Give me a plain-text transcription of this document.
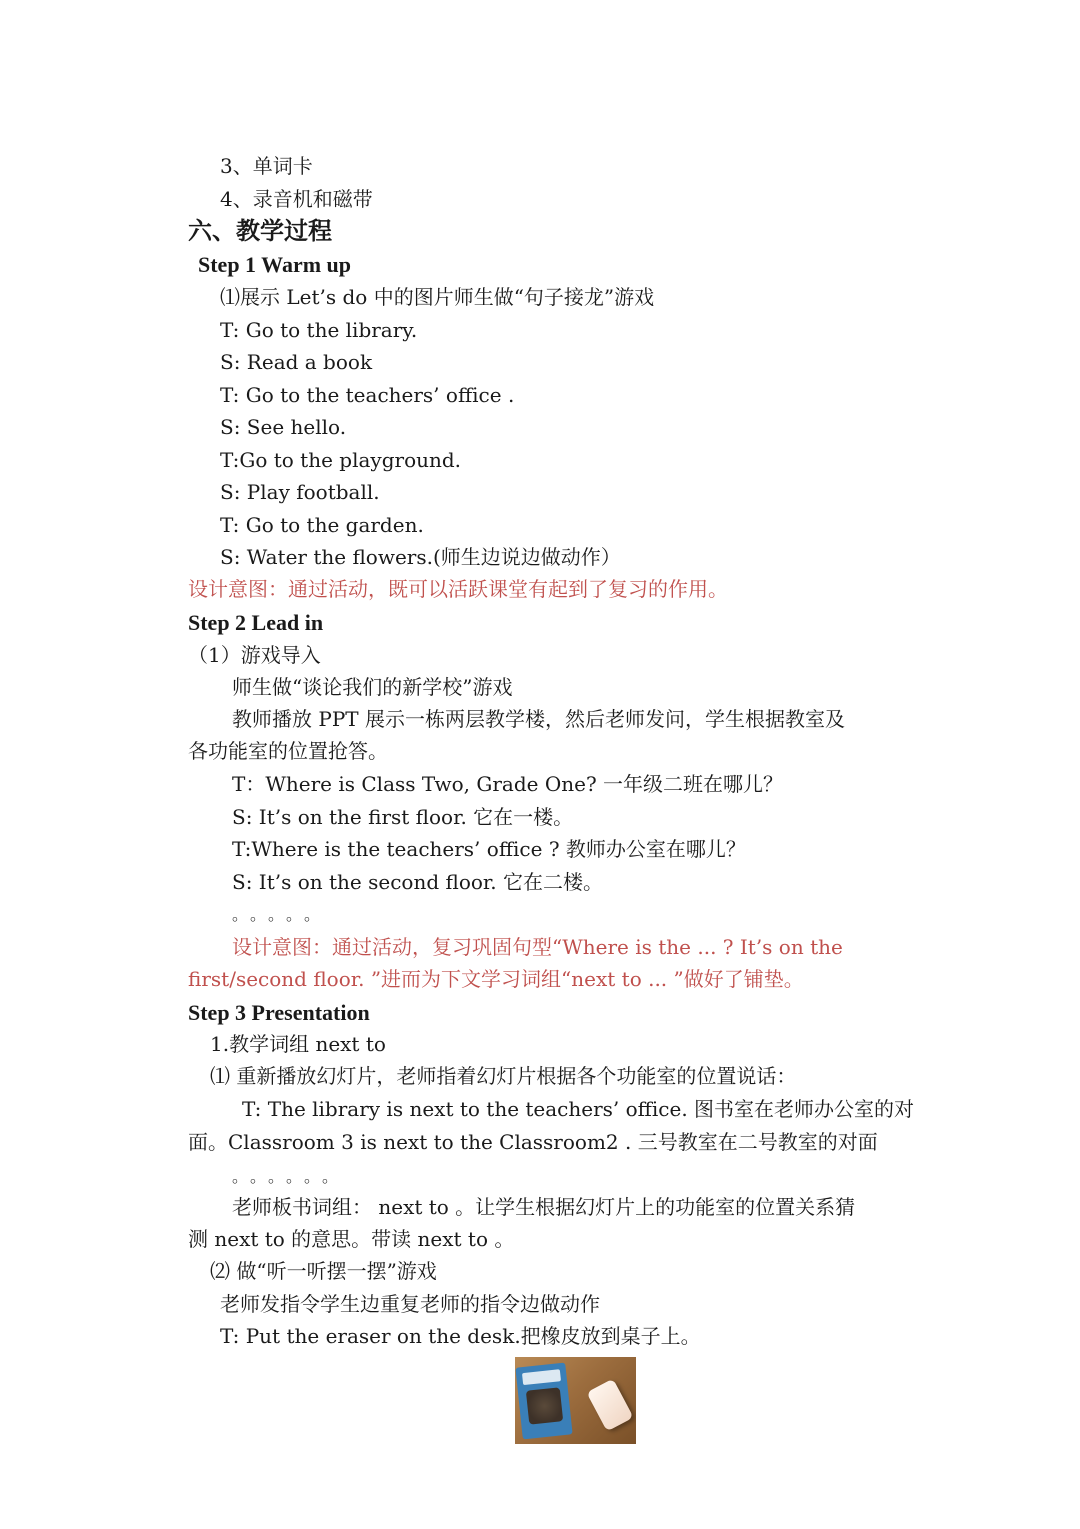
3、单词卡
4、录音机和磁带
六、教学过程
Step 1 Warm up
⑴展示 Let’s do 中的图片师生做“句子接龙”游戏
T: Go to the library.
S: Read a book
T: Go to the teachers’ office .
S: See hello.
T:Go to the playground.
S: Play football.
T: Go to the garden.
S: Water the flowers.(师生边说边做动作）
设计意图：通过活动，既可以活跃课堂有起到了复习的作用。
Step 2 Lead in
（1）游戏导入
师生做“谈论我们的新学校”游戏
教师播放 PPT 展示一栋两层教学楼，然后老师发问，学生根据教室及
各功能室的位置抢答。
T：Where is Class Two, Grade One? 一年级二班在哪儿？
S: It’s on the first floor. 它在一楼。
T:Where is the teachers’ office ? 教师办公室在哪儿？
S: It’s on the second floor. 它在二楼。
。。。。。
设计意图：通过活动，复习巩固句型“Where is the ... ? It’s on the
first/second floor. ”进而为下文学习词组“next to ... ”做好了铺垫。
Step 3 Presentation
1.教学词组 next to
⑴ 重新播放幻灯片，老师指着幻灯片根据各个功能室的位置说话：
T: The library is next to the teachers’ office. 图书室在老师办公室的对
面。Classroom 3 is next to the Classroom2 . 三号教室在二号教室的对面
。。。。。。
老师板书词组： next to 。让学生根据幻灯片上的功能室的位置关系猜
测 next to 的意思。带读 next to 。
⑵ 做“听一听摆一摆”游戏
老师发指令学生边重复老师的指令边做动作
T: Put the eraser on the desk.把橡皮放到桌子上。
